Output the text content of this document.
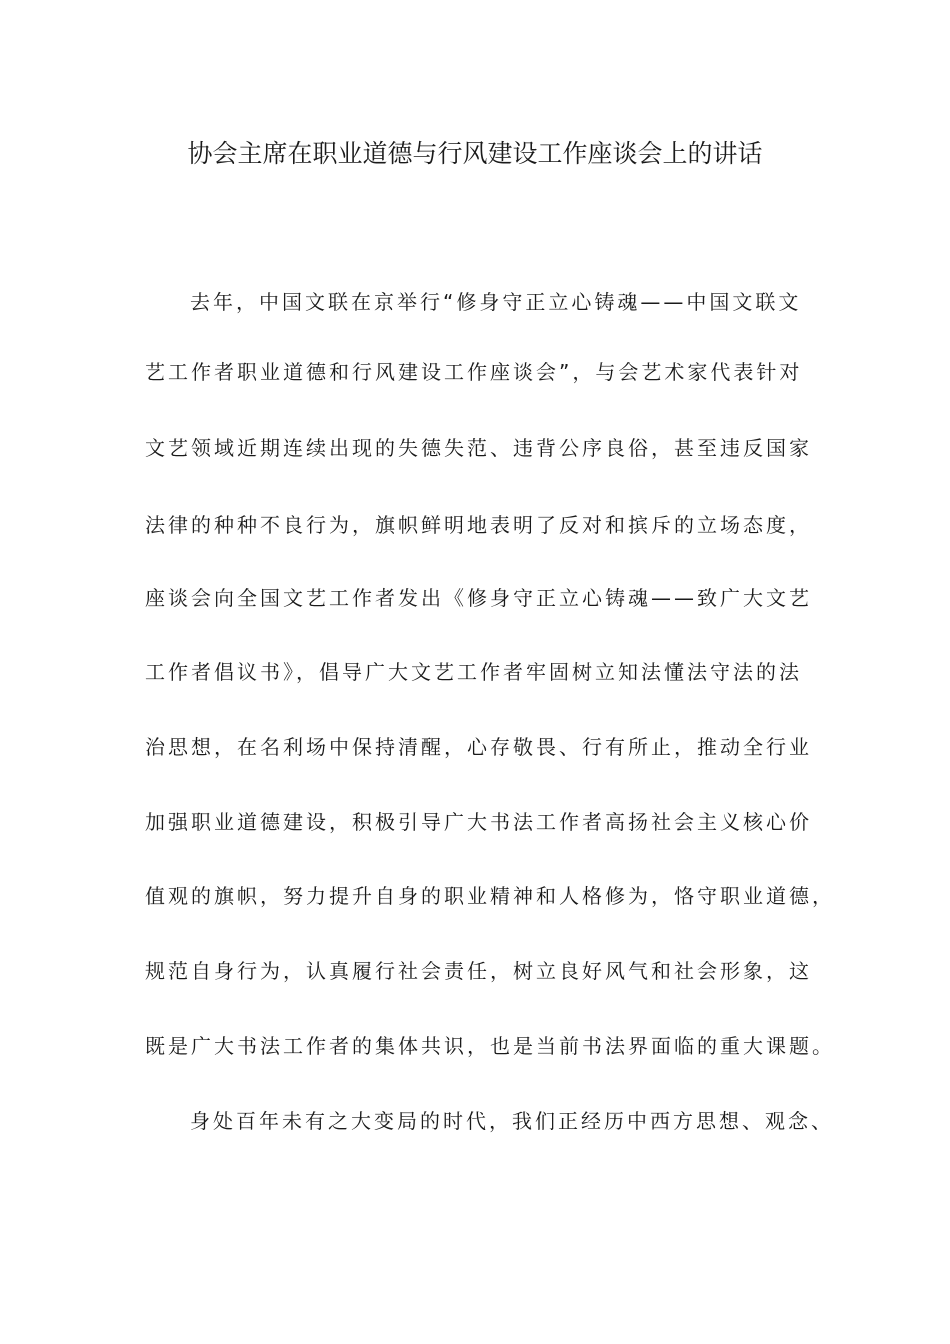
协会主席在职业道德与行风建设工作座谈会上的讲话
去年，中国文联在京举行“修身守正立心铸魂——中国文联文
艺工作者职业道德和行风建设工作座谈会”，与会艺术家代表针对
文艺领域近期连续出现的失德失范、违背公序良俗，甚至违反国家
法律的种种不良行为，旗帜鲜明地表明了反对和摈斥的立场态度，
座谈会向全国文艺工作者发出《修身守正立心铸魂——致广大文艺
工作者倡议书》，倡导广大文艺工作者牢固树立知法懂法守法的法
治思想，在名利场中保持清醒，心存敬畏、行有所止，推动全行业
加强职业道德建设，积极引导广大书法工作者高扬社会主义核心价
值观的旗帜，努力提升自身的职业精神和人格修为，恪守职业道德，
规范自身行为，认真履行社会责任，树立良好风气和社会形象，这
既是广大书法工作者的集体共识，也是当前书法界面临的重大课题。
身处百年未有之大变局的时代，我们正经历中西方思想、观念、
